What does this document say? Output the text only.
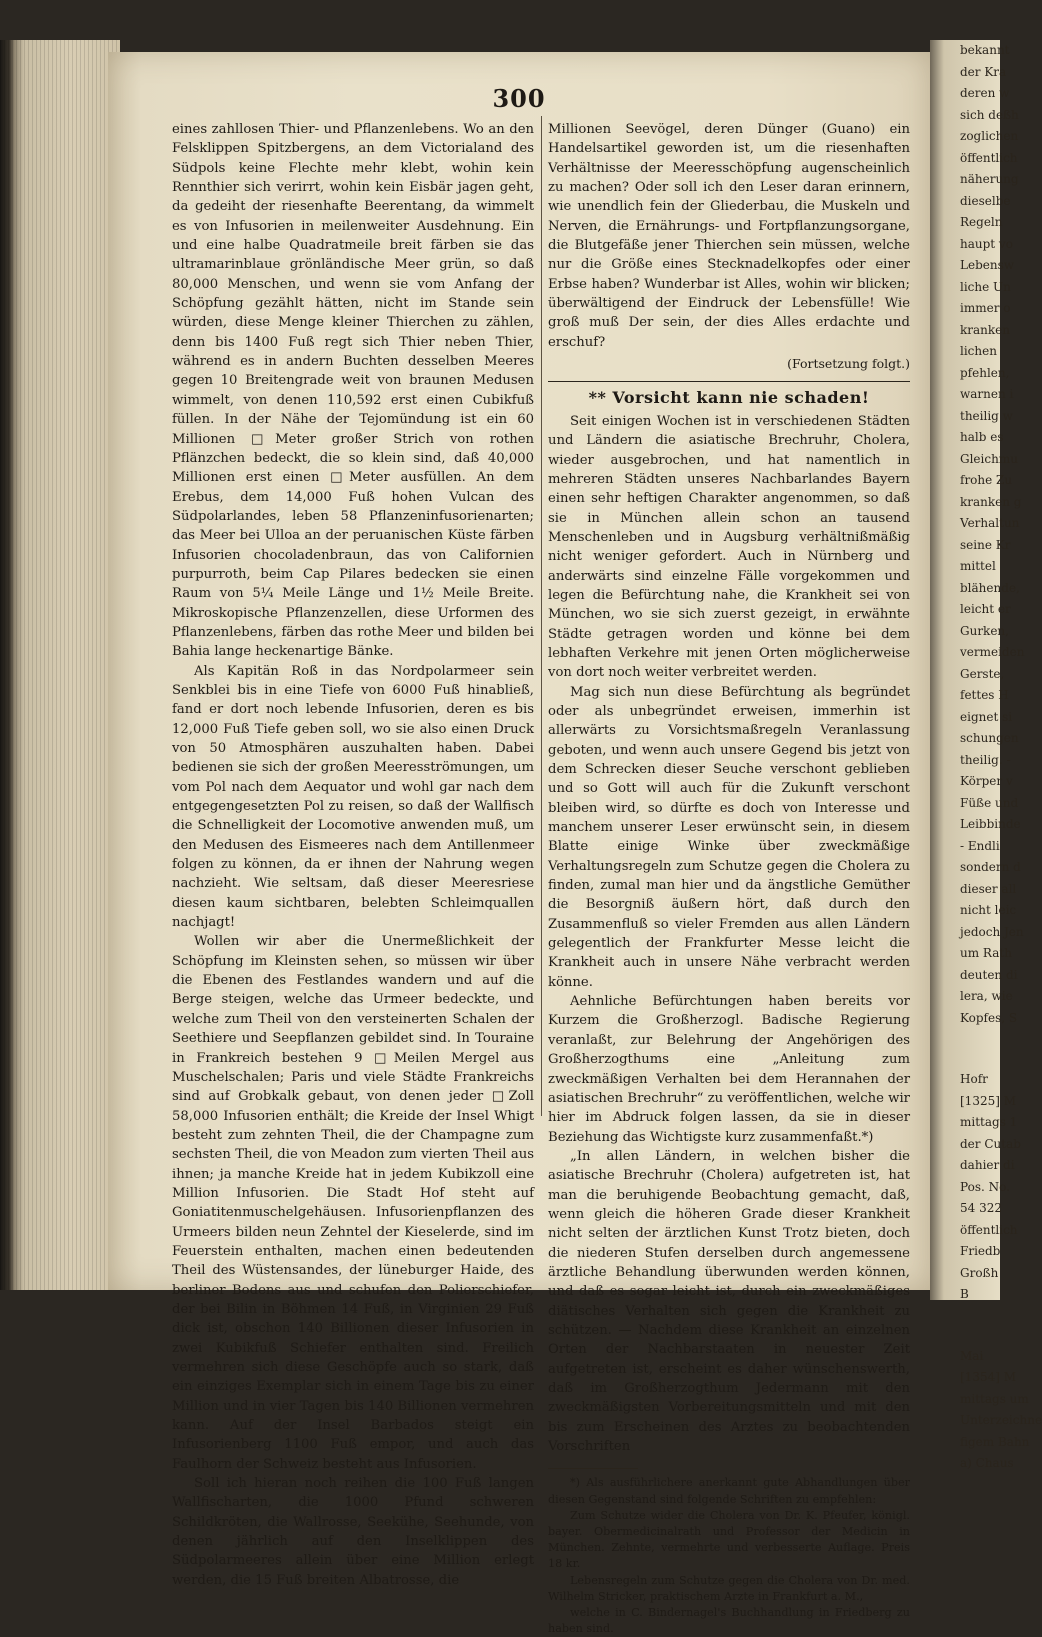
bekannt
der Kra
deren w
sich deßh
zoglichen
öffentlich
näherung
dieselbe
Regeln
haupt vo
Lebensw
liche Un
immer o
kranken
lichen
pfehlen,
warnen i
theilig w
halb es
Gleichmu
frohe Zu
kranken g
Verhaltun
seine Kr
mittel
blähende,
leicht er
Gurken,
vermeiden
Gerste,
fettes H
eignet si
schungen
theilig. -
Körper v
Füße und
Leibbinde
- Endli
sondern d
dieser all
nicht leic
jedoch Jen
um Rath
deuten di
lera, wie
Kopfes, S
Hofr
[1325] M
mittags 1
der Cutab
dahier di
Pos. No.
54 322
öffentlich
Friedb
Großh
B
Mai
[1354] M
mittags um
Unterzeichne
figem Bahn
a) Chaus
300

eines zahllosen Thier- und Pflanzenlebens. Wo an den Felsklippen Spitzbergens, an dem Victorialand des Südpols keine Flechte mehr klebt, wohin kein Rennthier sich verirrt, wohin kein Eisbär jagen geht, da gedeiht der riesenhafte Beerentang, da wimmelt es von Infusorien in meilenweiter Ausdehnung. Ein und eine halbe Quadratmeile breit färben sie das ultramarinblaue grönländische Meer grün, so daß 80,000 Menschen, und wenn sie vom Anfang der Schöpfung gezählt hätten, nicht im Stande sein würden, diese Menge kleiner Thierchen zu zählen, denn bis 1400 Fuß regt sich Thier neben Thier, während es in andern Buchten desselben Meeres gegen 10 Breitengrade weit von braunen Medusen wimmelt, von denen 110,592 erst einen Cubikfuß füllen. In der Nähe der Tejomündung ist ein 60 Millionen □Meter großer Strich von rothen Pflänzchen bedeckt, die so klein sind, daß 40,000 Millionen erst einen □Meter ausfüllen. An dem Erebus, dem 14,000 Fuß hohen Vulcan des Südpolarlandes, leben 58 Pflanzeninfusorienarten; das Meer bei Ulloa an der peruanischen Küste färben Infusorien chocoladenbraun, das von Californien purpurroth, beim Cap Pilares bedecken sie einen Raum von 5¼ Meile Länge und 1½ Meile Breite. Mikroskopische Pflanzenzellen, diese Urformen des Pflanzenlebens, färben das rothe Meer und bilden bei Bahia lange heckenartige Bänke.

Als Kapitän Roß in das Nordpolarmeer sein Senkblei bis in eine Tiefe von 6000 Fuß hinabließ, fand er dort noch lebende Infusorien, deren es bis 12,000 Fuß Tiefe geben soll, wo sie also einen Druck von 50 Atmosphären auszuhalten haben. Dabei bedienen sie sich der großen Meeresströmungen, um vom Pol nach dem Aequator und wohl gar nach dem entgegengesetzten Pol zu reisen, so daß der Wallfisch die Schnelligkeit der Locomotive anwenden muß, um den Medusen des Eismeeres nach dem Antillenmeer folgen zu können, da er ihnen der Nahrung wegen nachzieht. Wie seltsam, daß dieser Meeresriese diesen kaum sichtbaren, belebten Schleimquallen nachjagt!

Wollen wir aber die Unermeßlichkeit der Schöpfung im Kleinsten sehen, so müssen wir über die Ebenen des Festlandes wandern und auf die Berge steigen, welche das Urmeer bedeckte, und welche zum Theil von den versteinerten Schalen der Seethiere und Seepflanzen gebildet sind. In Touraine in Frankreich bestehen 9 □Meilen Mergel aus Muschelschalen; Paris und viele Städte Frankreichs sind auf Grobkalk gebaut, von denen jeder □Zoll 58,000 Infusorien enthält; die Kreide der Insel Whigt besteht zum zehnten Theil, die der Champagne zum sechsten Theil, die von Meadon zum vierten Theil aus ihnen; ja manche Kreide hat in jedem Kubikzoll eine Million Infusorien. Die Stadt Hof steht auf Goniatitenmuschelgehäusen. Infusorienpflanzen des Urmeers bilden neun Zehntel der Kieselerde, sind im Feuerstein enthalten, machen einen bedeutenden Theil des Wüstensandes, der lüneburger Haide, des berliner Bodens aus und schufen den Polierschiefer, der bei Bilin in Böhmen 14 Fuß, in Virginien 29 Fuß dick ist, obschon 140 Billionen dieser Infusorien in zwei Kubikfuß Schiefer enthalten sind. Freilich vermehren sich diese Geschöpfe auch so stark, daß ein einziges Exemplar sich in einem Tage bis zu einer Million und in vier Tagen bis 140 Billionen vermehren kann. Auf der Insel Barbados steigt ein Infusorienberg 1100 Fuß empor, und auch das Faulhorn der Schweiz besteht aus Infusorien.

Soll ich hieran noch reihen die 100 Fuß langen Wallfischarten, die 1000 Pfund schweren Schildkröten, die Wallrosse, Seekühe, Seehunde, von denen jährlich auf den Inselklippen des Südpolarmeeres allein über eine Million erlegt werden, die 15 Fuß breiten Albatrosse, die

Millionen Seevögel, deren Dünger (Guano) ein Handelsartikel geworden ist, um die riesenhaften Verhältnisse der Meeresschöpfung augenscheinlich zu machen? Oder soll ich den Leser daran erinnern, wie unendlich fein der Gliederbau, die Muskeln und Nerven, die Ernährungs- und Fortpflanzungsorgane, die Blutgefäße jener Thierchen sein müssen, welche nur die Größe eines Stecknadelkopfes oder einer Erbse haben? Wunderbar ist Alles, wohin wir blicken; überwältigend der Eindruck der Lebensfülle! Wie groß muß Der sein, der dies Alles erdachte und erschuf?

(Fortsetzung folgt.)

** Vorsicht kann nie schaden!

Seit einigen Wochen ist in verschiedenen Städten und Ländern die asiatische Brechruhr, Cholera, wieder ausgebrochen, und hat namentlich in mehreren Städten unseres Nachbarlandes Bayern einen sehr heftigen Charakter angenommen, so daß sie in München allein schon an tausend Menschenleben und in Augsburg verhältnißmäßig nicht weniger gefordert. Auch in Nürnberg und anderwärts sind einzelne Fälle vorgekommen und legen die Befürchtung nahe, die Krankheit sei von München, wo sie sich zuerst gezeigt, in erwähnte Städte getragen worden und könne bei dem lebhaften Verkehre mit jenen Orten möglicherweise von dort noch weiter verbreitet werden.

Mag sich nun diese Befürchtung als begründet oder als unbegründet erweisen, immerhin ist allerwärts zu Vorsichtsmaßregeln Veranlassung geboten, und wenn auch unsere Gegend bis jetzt von dem Schrecken dieser Seuche verschont geblieben und so Gott will auch für die Zukunft verschont bleiben wird, so dürfte es doch von Interesse und manchem unserer Leser erwünscht sein, in diesem Blatte einige Winke über zweckmäßige Verhaltungsregeln zum Schutze gegen die Cholera zu finden, zumal man hier und da ängstliche Gemüther die Besorgniß äußern hört, daß durch den Zusammenfluß so vieler Fremden aus allen Ländern gelegentlich der Frankfurter Messe leicht die Krankheit auch in unsere Nähe verbracht werden könne.

Aehnliche Befürchtungen haben bereits vor Kurzem die Großherzogl. Badische Regierung veranlaßt, zur Belehrung der Angehörigen des Großherzogthums eine „Anleitung zum zweckmäßigen Verhalten bei dem Herannahen der asiatischen Brechruhr“ zu veröffentlichen, welche wir hier im Abdruck folgen lassen, da sie in dieser Beziehung das Wichtigste kurz zusammenfaßt.*)

„In allen Ländern, in welchen bisher die asiatische Brechruhr (Cholera) aufgetreten ist, hat man die beruhigende Beobachtung gemacht, daß, wenn gleich die höheren Grade dieser Krankheit nicht selten der ärztlichen Kunst Trotz bieten, doch die niederen Stufen derselben durch angemessene ärztliche Behandlung überwunden werden können, und daß es sogar leicht ist, durch ein zweckmäßiges diätisches Verhalten sich gegen die Krankheit zu schützen. — Nachdem diese Krankheit an einzelnen Orten der Nachbarstaaten in neuester Zeit aufgetreten ist, erscheint es daher wünschenswerth, daß im Großherzogthum Jedermann mit den zweckmäßigsten Vorbereitungsmitteln und mit den bis zum Erscheinen des Arztes zu beobachtenden Vorschriften

*) Als ausführlichere anerkannt gute Abhandlungen über diesen Gegenstand sind folgende Schriften zu empfehlen:

Zum Schutze wider die Cholera von Dr. K. Pfeufer, königl. bayer. Obermedicinalrath und Professor der Medicin in München. Zehnte, vermehrte und verbesserte Auflage. Preis 18 kr.

Lebensregeln zum Schutze gegen die Cholera von Dr. med. Wilhelm Stricker, praktischem Arzte in Frankfurt a. M.,

welche in C. Bindernagel's Buchhandlung in Friedberg zu haben sind.
